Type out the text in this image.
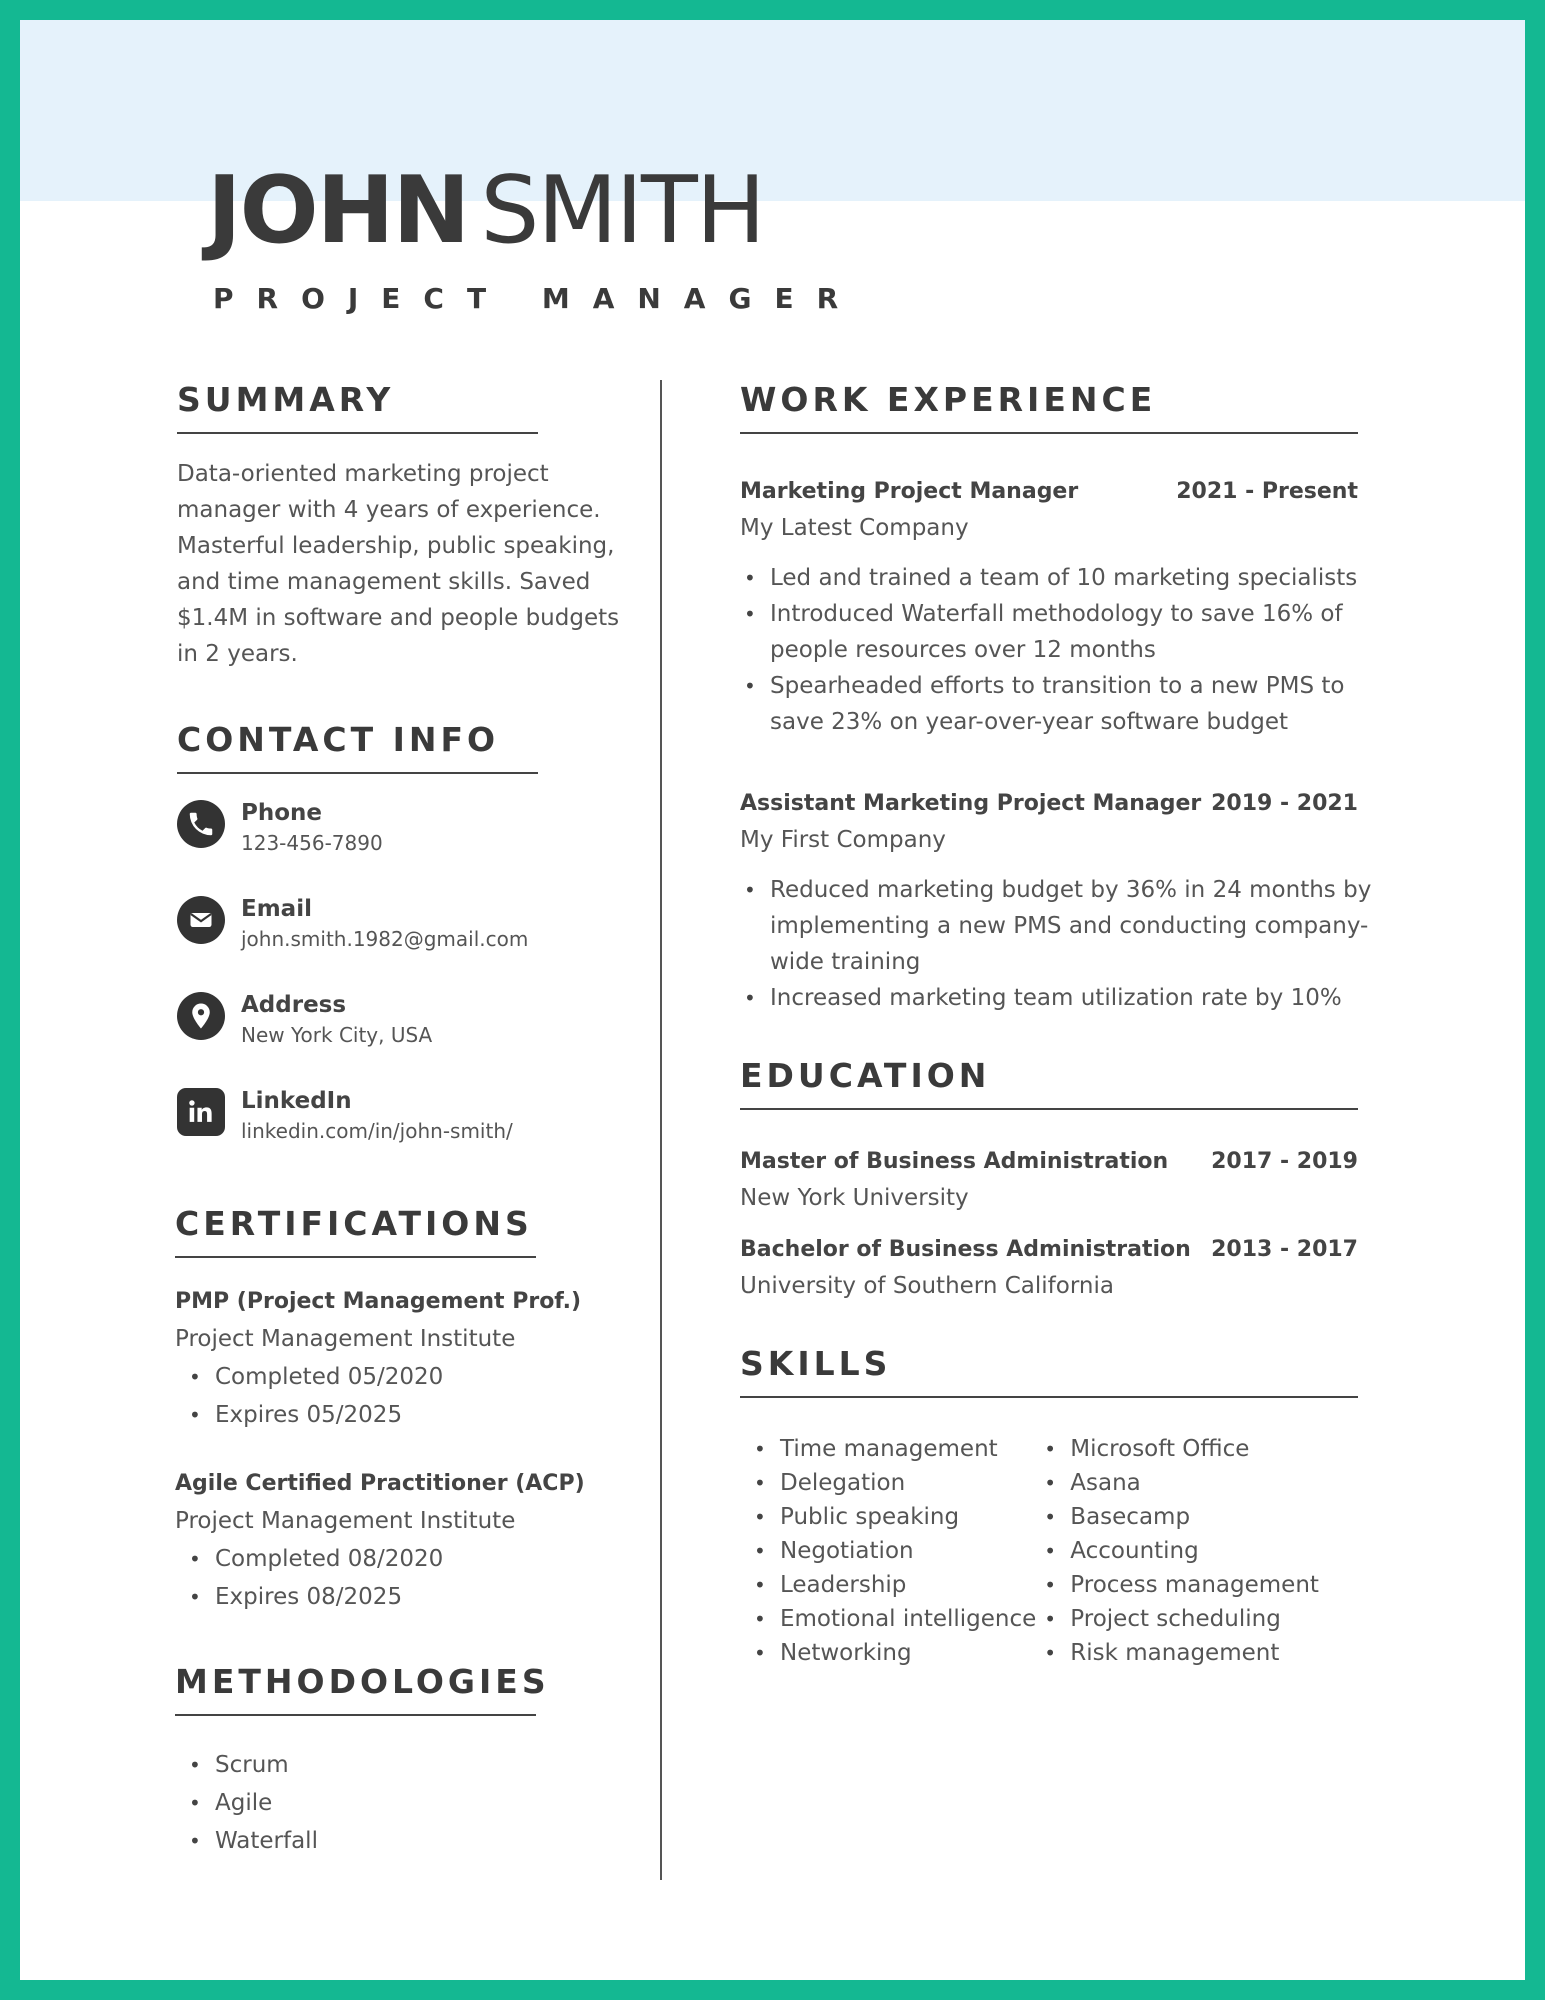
JOHN SMITH
PROJECT MANAGER
SUMMARY
Data-oriented marketing project manager with 4 years of experience. Masterful leadership, public speaking, and time management skills. Saved $1.4M in software and people budgets in 2 years.
CONTACT INFO
Phone
123-456-7890
Email
john.smith.1982@gmail.com
Address
New York City, USA
LinkedIn
linkedin.com/in/john-smith/
CERTIFICATIONS
PMP (Project Management Prof.)
Project Management Institute
• Completed 05/2020
• Expires 05/2025
Agile Certified Practitioner (ACP)
Project Management Institute
• Completed 08/2020
• Expires 08/2025
METHODOLOGIES
• Scrum
• Agile
• Waterfall
WORK EXPERIENCE
Marketing Project Manager	2021 - Present
My Latest Company
• Led and trained a team of 10 marketing specialists
• Introduced Waterfall methodology to save 16% of people resources over 12 months
• Spearheaded efforts to transition to a new PMS to save 23% on year-over-year software budget
Assistant Marketing Project Manager 2019 - 2021
My First Company
• Reduced marketing budget by 36% in 24 months by implementing a new PMS and conducting company-wide training
• Increased marketing team utilization rate by 10%
EDUCATION
Master of Business Administration 2017 - 2019
New York University
Bachelor of Business Administration 2013 - 2017
University of Southern California
SKILLS
• Time management
• Delegation
• Public speaking
• Negotiation
• Leadership
• Emotional intelligence
• Networking
• Microsoft Office
• Asana
• Basecamp
• Accounting
• Process management
• Project scheduling
• Risk management
